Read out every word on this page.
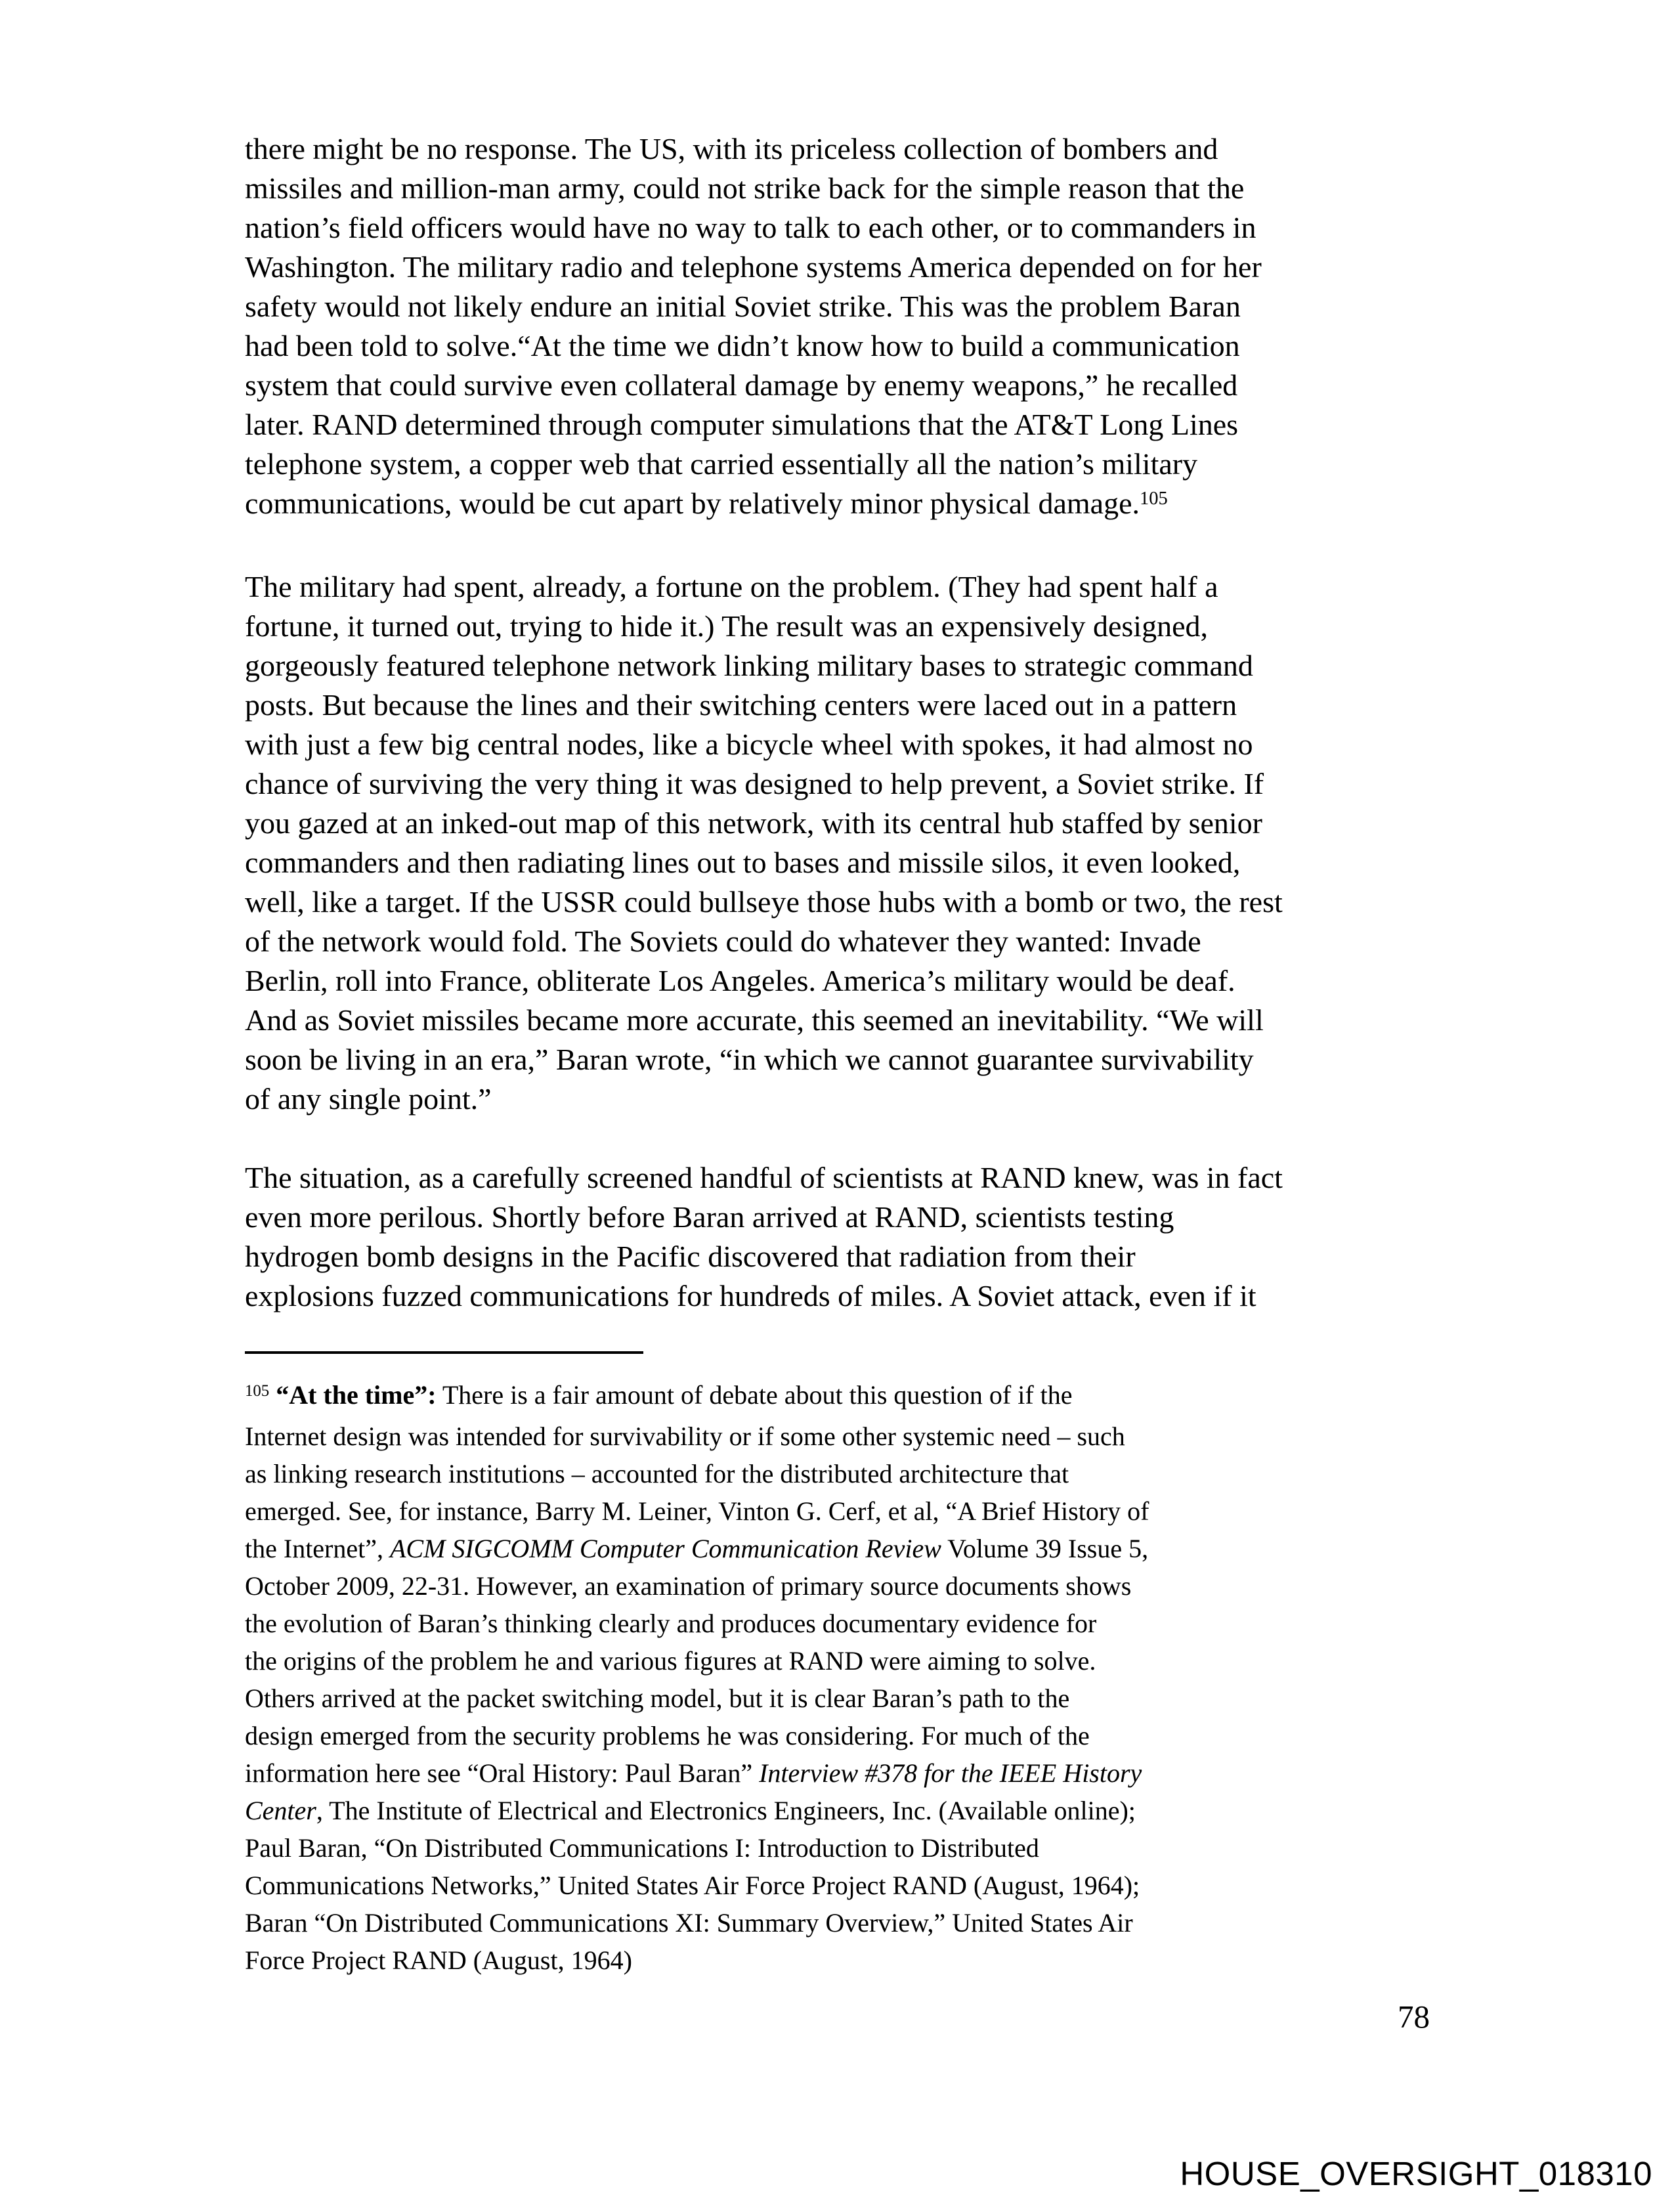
there might be no response. The US, with its priceless collection of bombers and
missiles and million-man army, could not strike back for the simple reason that the
nation’s field officers would have no way to talk to each other, or to commanders in
Washington. The military radio and telephone systems America depended on for her
safety would not likely endure an initial Soviet strike. This was the problem Baran
had been told to solve.“At the time we didn’t know how to build a communication
system that could survive even collateral damage by enemy weapons,” he recalled
later. RAND determined through computer simulations that the AT&T Long Lines
telephone system, a copper web that carried essentially all the nation’s military
communications, would be cut apart by relatively minor physical damage.$^{105}$
The military had spent, already, a fortune on the problem. (They had spent half a
fortune, it turned out, trying to hide it.) The result was an expensively designed,
gorgeously featured telephone network linking military bases to strategic command
posts. But because the lines and their switching centers were laced out in a pattern
with just a few big central nodes, like a bicycle wheel with spokes, it had almost no
chance of surviving the very thing it was designed to help prevent, a Soviet strike. If
you gazed at an inked-out map of this network, with its central hub staffed by senior
commanders and then radiating lines out to bases and missile silos, it even looked,
well, like a target. If the USSR could bullseye those hubs with a bomb or two, the rest
of the network would fold. The Soviets could do whatever they wanted: Invade
Berlin, roll into France, obliterate Los Angeles. America’s military would be deaf.
And as Soviet missiles became more accurate, this seemed an inevitability. “We will
soon be living in an era,” Baran wrote, “in which we cannot guarantee survivability
of any single point.”
The situation, as a carefully screened handful of scientists at RAND knew, was in fact
even more perilous. Shortly before Baran arrived at RAND, scientists testing
hydrogen bomb designs in the Pacific discovered that radiation from their
explosions fuzzed communications for hundreds of miles. A Soviet attack, even if it
$^{105}$ “At the time”: There is a fair amount of debate about this question of if the
Internet design was intended for survivability or if some other systemic need – such
as linking research institutions – accounted for the distributed architecture that
emerged. See, for instance, Barry M. Leiner, Vinton G. Cerf, et al, “A Brief History of
the Internet”, ACM SIGCOMM Computer Communication Review Volume 39 Issue 5,
October 2009, 22-31. However, an examination of primary source documents shows
the evolution of Baran’s thinking clearly and produces documentary evidence for
the origins of the problem he and various figures at RAND were aiming to solve.
Others arrived at the packet switching model, but it is clear Baran’s path to the
design emerged from the security problems he was considering. For much of the
information here see “Oral History: Paul Baran” Interview #378 for the IEEE History
Center, The Institute of Electrical and Electronics Engineers, Inc. (Available online);
Paul Baran, “On Distributed Communications I: Introduction to Distributed
Communications Networks,” United States Air Force Project RAND (August, 1964);
Baran “On Distributed Communications XI: Summary Overview,” United States Air
Force Project RAND (August, 1964)
78
HOUSE_OVERSIGHT_018310
